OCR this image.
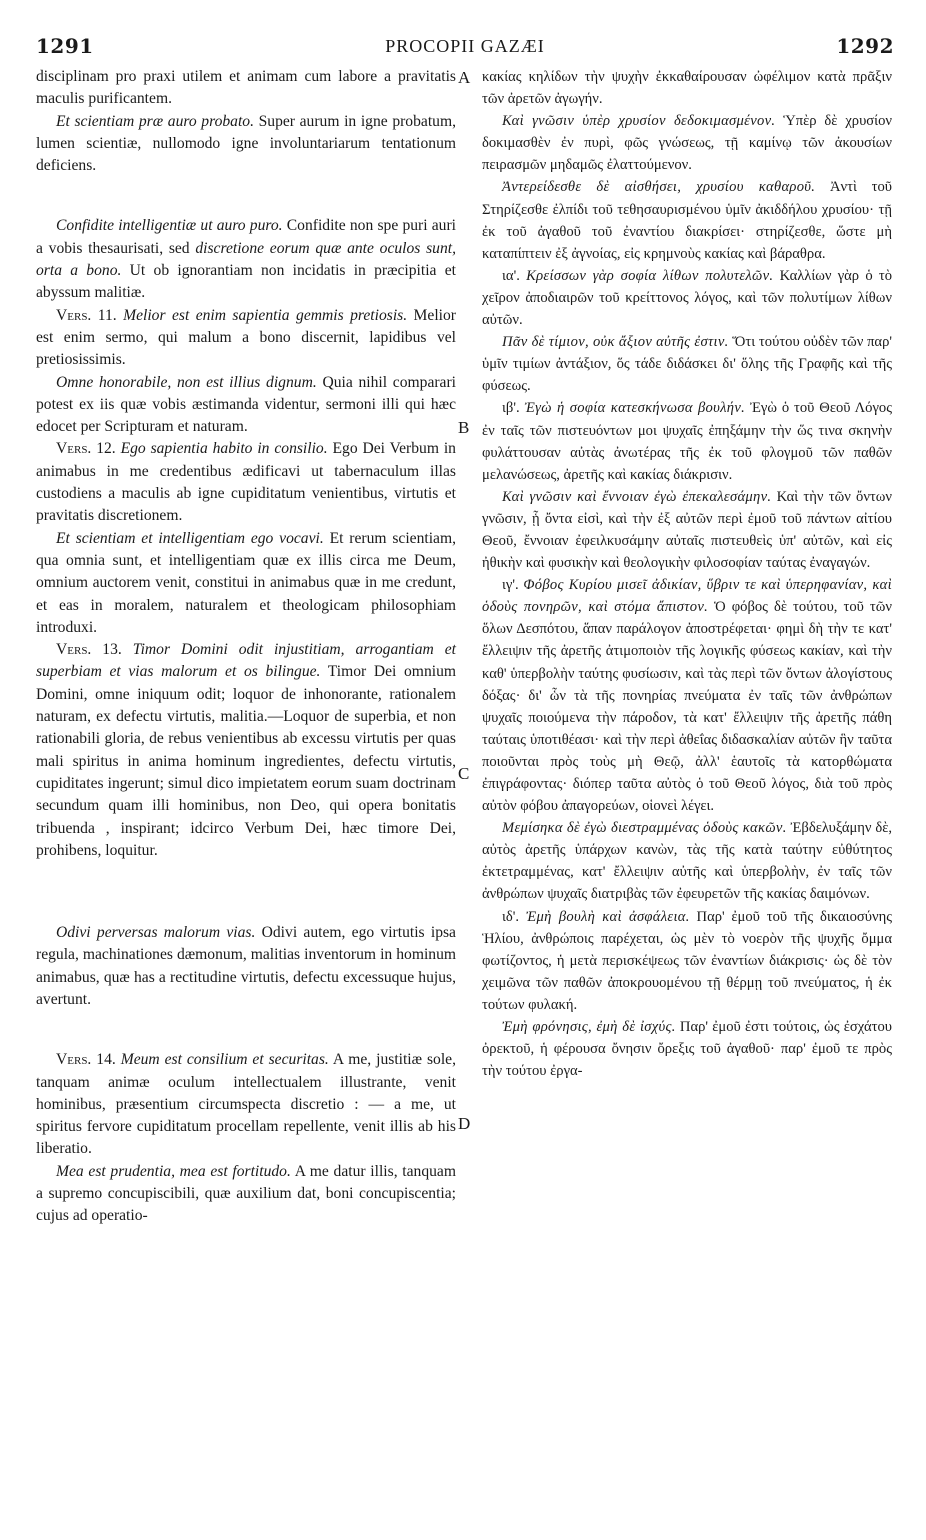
1291	PROCOPII GAZÆI	1292
A
B
C
D

disciplinam pro praxi utilem et animam cum labore a pravitatis maculis purificantem.

Et scientiam præ auro probato. Super aurum in igne probatum, lumen scientiæ, nullomodo igne involuntariarum tentationum deficiens.

Confidite intelligentiæ ut auro puro. Confidite non spe puri auri a vobis thesaurisati, sed discretione eorum quæ ante oculos sunt, orta a bono. Ut ob ignorantiam non incidatis in præcipitia et abyssum malitiæ.

Vers. 11. Melior est enim sapientia gemmis pretiosis. Melior est enim sermo, qui malum a bono discernit, lapidibus vel pretiosissimis.

Omne honorabile, non est illius dignum. Quia nihil comparari potest ex iis quæ vobis æstimanda videntur, sermoni illi qui hæc edocet per Scripturam et naturam.

Vers. 12. Ego sapientia habito in consilio. Ego Dei Verbum in animabus in me credentibus ædificavi ut tabernaculum illas custodiens a maculis ab igne cupiditatum venientibus, virtutis et pravitatis discretionem.

Et scientiam et intelligentiam ego vocavi. Et rerum scientiam, qua omnia sunt, et intelligentiam quæ ex illis circa me Deum, omnium auctorem venit, constitui in animabus quæ in me credunt, et eas in moralem, naturalem et theologicam philosophiam introduxi.

Vers. 13. Timor Domini odit injustitiam, arrogantiam et superbiam et vias malorum et os bilingue. Timor Dei omnium Domini, omne iniquum odit; loquor de inhonorante, rationalem naturam, ex defectu virtutis, malitia.—Loquor de superbia, et non rationabili gloria, de rebus venientibus ab excessu virtutis per quas mali spiritus in anima hominum ingredientes, defectu virtutis, cupiditates ingerunt; simul dico impietatem eorum suam doctrinam secundum quam illi hominibus, non Deo, qui opera bonitatis tribuenda , inspirant; idcirco Verbum Dei, hæc timore Dei, prohibens, loquitur.

Odivi perversas malorum vias. Odivi autem, ego virtutis ipsa regula, machinationes dæmonum, malitias inventorum in hominum animabus, quæ has a rectitudine virtutis, defectu excessuque hujus, avertunt.

Vers. 14. Meum est consilium et securitas. A me, justitiæ sole, tanquam animæ oculum intellectualem illustrante, venit hominibus, præsentium circumspecta discretio : — a me, ut spiritus fervore cupiditatum procellam repellente, venit illis ab his liberatio.

Mea est prudentia, mea est fortitudo. A me datur illis, tanquam a supremo concupiscibili, quæ auxilium dat, boni concupiscentia; cujus ad operatio-

κακίας κηλίδων τὴν ψυχὴν ἐκκαθαίρουσαν ὠφέλιμον κατὰ πρᾶξιν τῶν ἀρετῶν ἀγωγήν.

Καὶ γνῶσιν ὑπὲρ χρυσίον δεδοκιμασμένον. Ὑπὲρ δὲ χρυσίον δοκιμασθὲν ἐν πυρὶ, φῶς γνώσεως, τῇ καμίνῳ τῶν ἀκουσίων πειρασμῶν μηδαμῶς ἐλαττούμενον.

Ἀντερείδεσθε δὲ αἰσθήσει, χρυσίου καθαροῦ. Ἀντὶ τοῦ Στηρίζεσθε ἐλπίδι τοῦ τεθησαυρισμένου ὑμῖν ἀκιδδήλου χρυσίου· τῇ ἐκ τοῦ ἀγαθοῦ τοῦ ἐναντίου διακρίσει· στηρίζεσθε, ὥστε μὴ καταπίπτειν ἐξ ἀγνοίας, εἰς κρημνοὺς κακίας καὶ βάραθρα.

ια'. Κρείσσων γὰρ σοφία λίθων πολυτελῶν. Καλλίων γὰρ ὁ τὸ χεῖρον ἀποδιαιρῶν τοῦ κρείττονος λόγος, καὶ τῶν πολυτίμων λίθων αὐτῶν.

Πᾶν δὲ τίμιον, οὐκ ἄξιον αὐτῆς ἐστιν. Ὅτι τούτου οὐδὲν τῶν παρ' ὑμῖν τιμίων ἀντάξιον, ὅς τάδε διδάσκει δι' ὅλης τῆς Γραφῆς καὶ τῆς φύσεως.

ιβ'. Ἐγὼ ἡ σοφία κατεσκήνωσα βουλήν. Ἐγὼ ὁ τοῦ Θεοῦ Λόγος ἐν ταῖς τῶν πιστευόντων μοι ψυχαῖς ἐπηξάμην τὴν ὥς τινα σκηνὴν φυλάττουσαν αὐτὰς ἀνωτέρας τῆς ἐκ τοῦ φλογμοῦ τῶν παθῶν μελανώσεως, ἀρετῆς καὶ κακίας διάκρισιν.

Καὶ γνῶσιν καὶ ἔννοιαν ἐγὼ ἐπεκαλεσάμην. Καὶ τὴν τῶν ὄντων γνῶσιν, ᾗ ὄντα εἰσὶ, καὶ τὴν ἐξ αὐτῶν περὶ ἐμοῦ τοῦ πάντων αἰτίου Θεοῦ, ἔννοιαν ἐφειλκυσάμην αὐταῖς πιστευθεὶς ὑπ' αὐτῶν, καὶ εἰς ἠθικὴν καὶ φυσικὴν καὶ θεολογικὴν φιλοσοφίαν ταύτας ἐναγαγών.

ιγ'. Φόβος Κυρίου μισεῖ ἀδικίαν, ὕβριν τε καὶ ὑπερηφανίαν, καὶ ὁδοὺς πονηρῶν, καὶ στόμα ἄπιστον. Ὁ φόβος δὲ τούτου, τοῦ τῶν ὅλων Δεσπότου, ἅπαν παράλογον ἀποστρέφεται· φημὶ δὴ τὴν τε κατ' ἔλλειψιν τῆς ἀρετῆς ἀτιμοποιὸν τῆς λογικῆς φύσεως κακίαν, καὶ τὴν καθ' ὑπερβολὴν ταύτης φυσίωσιν, καὶ τὰς περὶ τῶν ὄντων ἀλογίστους δόξας· δι' ὧν τὰ τῆς πονηρίας πνεύματα ἐν ταῖς τῶν ἀνθρώπων ψυχαῖς ποιούμενα τὴν πάροδον, τὰ κατ' ἔλλειψιν τῆς ἀρετῆς πάθη ταύταις ὑποτιθέασι· καὶ τὴν περὶ ἀθεΐας διδασκαλίαν αὐτῶν ἣν ταῦτα ποιοῦνται πρὸς τοὺς μὴ Θεῷ, ἀλλ' ἑαυτοῖς τὰ κατορθώματα ἐπιγράφοντας· διόπερ ταῦτα αὐτὸς ὁ τοῦ Θεοῦ λόγος, διὰ τοῦ πρὸς αὐτὸν φόβου ἀπαγορεύων, οἱονεὶ λέγει.

Μεμίσηκα δὲ ἐγὼ διεστραμμένας ὁδοὺς κακῶν. Ἐβδελυξάμην δὲ, αὐτὸς ἀρετῆς ὑπάρχων κανὼν, τὰς τῆς κατὰ ταύτην εὐθύτητος ἐκτετραμμένας, κατ' ἔλλειψιν αὐτῆς καὶ ὑπερβολὴν, ἐν ταῖς τῶν ἀνθρώπων ψυχαῖς διατριβὰς τῶν ἐφευρετῶν τῆς κακίας δαιμόνων.

ιδ'. Ἐμὴ βουλὴ καὶ ἀσφάλεια. Παρ' ἐμοῦ τοῦ τῆς δικαιοσύνης Ἡλίου, ἀνθρώποις παρέχεται, ὡς μὲν τὸ νοερὸν τῆς ψυχῆς ὄμμα φωτίζοντος, ἡ μετὰ περισκέψεως τῶν ἐναντίων διάκρισις· ὡς δὲ τὸν χειμῶνα τῶν παθῶν ἀποκρουομένου τῇ θέρμῃ τοῦ πνεύματος, ἡ ἐκ τούτων φυλακή.

Ἐμὴ φρόνησις, ἐμὴ δὲ ἰσχύς. Παρ' ἐμοῦ ἐστι τούτοις, ὡς ἐσχάτου ὀρεκτοῦ, ἡ φέρουσα ὄνησιν ὄρεξις τοῦ ἀγαθοῦ· παρ' ἐμοῦ τε πρὸς τὴν τούτου ἐργα-
